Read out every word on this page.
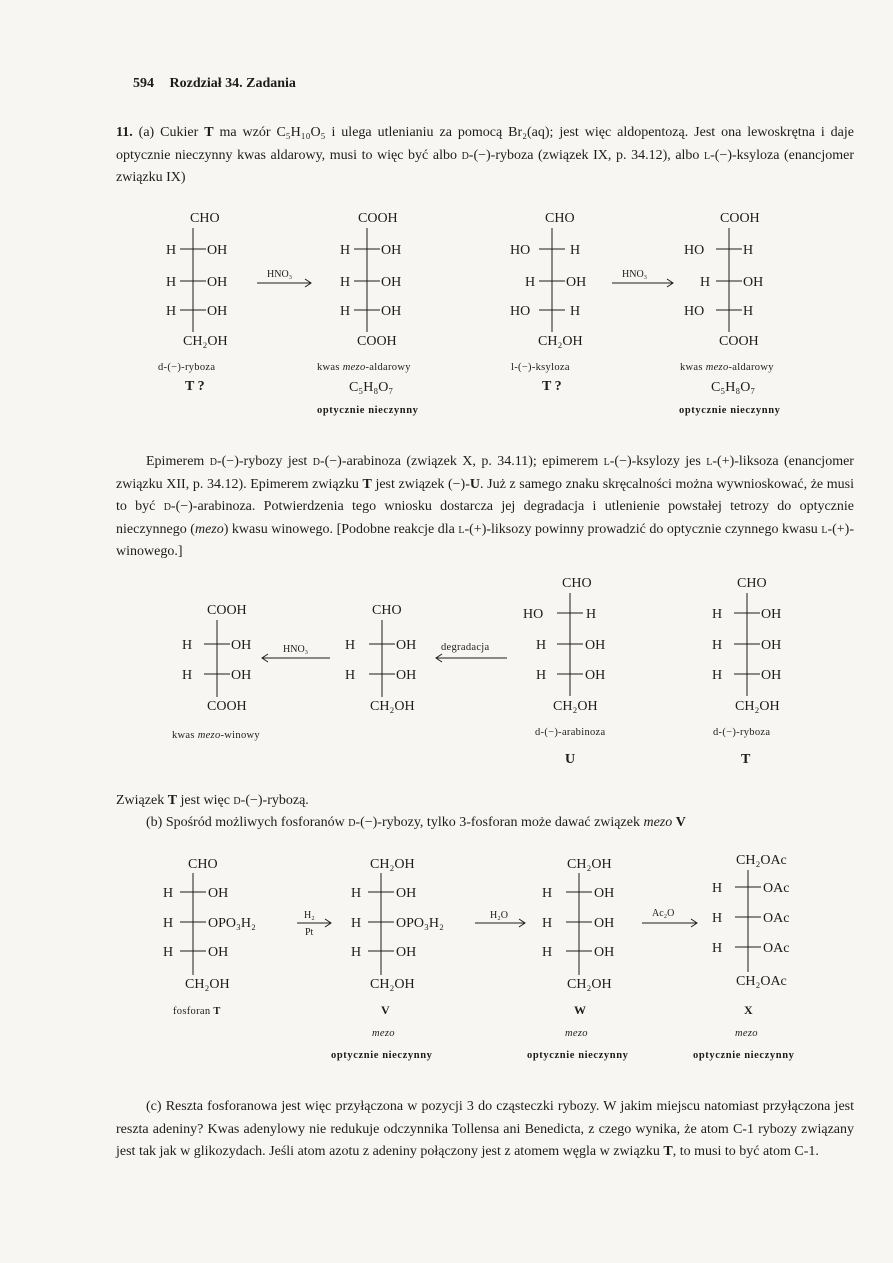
594 Rozdział 34. Zadania

11. (a) Cukier T ma wzór C₅H₁₀O₅ i ulega utlenianiu za pomocą Br₂(aq); jest więc aldopentozą. Jest ona lewoskrętna i daje optycznie nieczynny kwas aldarowy, musi to więc być albo d-(−)-ryboza (związek IX, p. 34.12), albo l-(−)-ksyloza (enancjomer związku IX)

CHO
H OH
H OH
H OH
CH₂OH
d-(−)-ryboza
T ?
HNO₃
COOH
H OH
H OH
H OH
COOH
kwas mezo-aldarowy
C₅H₈O₇
optycznie nieczynny
CHO
HO	H
H OH
HO	H
CH₂OH
l-(−)-ksyloza
T ?
HNO₃
COOH
HO	H
H OH
HO	H
COOH
kwas mezo-aldarowy
C₅H₈O₇
optycznie nieczynny

Epimerem d-(−)-rybozy jest d-(−)-arabinoza (związek X, p. 34.11); epimerem l-(−)-ksylozy jes l-(+)-liksoza (enancjomer związku XII, p. 34.12). Epimerem związku T jest związek (−)-U. Już z samego znaku skręcalności można wywnioskować, że musi to być d-(−)-arabinoza. Potwierdzenia tego wniosku dostarcza jej degradacja i utlenienie powstałej tetrozy do optycznie nieczynnego (mezo) kwasu winowego. [Podobne reakcje dla l-(+)-liksozy powinny prowadzić do optycznie czynnego kwasu l-(+)-winowego.]

COOH
H	OH
H	OH
COOH
kwas mezo-winowy
HNO₃
CHO
H	OH
H	OH
CH₂OH
degradacja
CHO
HO	H
H	OH
H	OH
CH₂OH
d-(−)-arabinoza
U
CHO
H	OH
H	OH
H	OH
CH₂OH
d-(−)-ryboza
T

Związek T jest więc d-(−)-rybozą.

(b) Spośród możliwych fosforanów d-(−)-rybozy, tylko 3-fosforan może dawać związek mezo V

CHO
H OH
H OPO₃H₂
H OH
CH₂OH
fosforan T
H₂
Pt
CH₂OH
H OH
H OPO₃H₂
H OH
CH₂OH
V
mezo
optycznie nieczynny
H₂O
CH₂OH
H	OH
H	OH
H	OH
CH₂OH
W
mezo
optycznie nieczynny
Ac₂O
CH₂OAc
H	OAc
H	OAc
H	OAc
CH₂OAc
X
mezo
optycznie nieczynny

(c) Reszta fosforanowa jest więc przyłączona w pozycji 3 do cząsteczki rybozy. W jakim miejscu natomiast przyłączona jest reszta adeniny? Kwas adenylowy nie redukuje odczynnika Tollensa ani Benedicta, z czego wynika, że atom C-1 rybozy związany jest tak jak w glikozydach. Jeśli atom azotu z adeniny połączony jest z atomem węgla w związku T, to musi to być atom C-1.
